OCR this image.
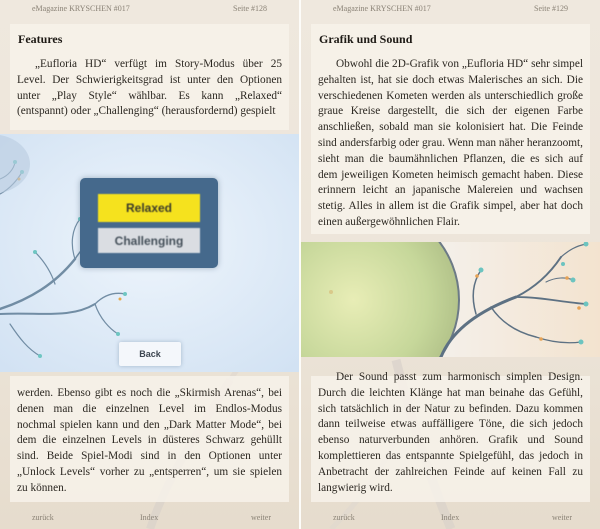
eMagazine KRYSCHEN #017	Seite #128
Features
„Eufloria HD“ verfügt im Story-Modus über 25 Level. Der Schwierigkeitsgrad ist unter den Optionen unter „Play Style“ wählbar. Es kann „Relaxed“ (entspannt) oder „Challenging“ (herausfordernd) gespielt
Relaxed
Challenging
Back
werden. Ebenso gibt es noch die „Skirmish Arenas“, bei denen man die einzelnen Level im Endlos-Modus nochmal spielen kann und den „Dark Matter Mode“, bei dem die einzelnen Levels in düsteres Schwarz gehüllt sind. Beide Spiel-Modi sind in den Optionen unter „Unlock Levels“ vorher zu „entsperren“, um sie spielen zu können.
zurück	Index	weiter
eMagazine KRYSCHEN #017	Seite #129
Grafik und Sound
Obwohl die 2D-Grafik von „Eufloria HD“ sehr simpel gehalten ist, hat sie doch etwas Malerisches an sich. Die verschiedenen Kometen werden als unterschiedlich große graue Kreise dargestellt, die sich der eigenen Farbe anschließen, sobald man sie kolonisiert hat. Die Feinde sind andersfarbig oder grau. Wenn man näher heranzoomt, sieht man die baumähnlichen Pflanzen, die es sich auf dem jeweiligen Kometen heimisch gemacht haben. Diese erinnern leicht an japanische Malereien und wachsen stetig. Alles in allem ist die Grafik simpel, aber hat doch einen außergewöhnlichen Flair.
Der Sound passt zum harmonisch simplen Design. Durch die leichten Klänge hat man beinahe das Gefühl, sich tatsächlich in der Natur zu befinden. Dazu kommen dann teilweise etwas auffälligere Töne, die sich jedoch ebenso naturverbunden anhören. Grafik und Sound komplettieren das entspannte Spielgefühl, das jedoch in Anbetracht der zahlreichen Feinde auf keinen Fall zu langwierig wird.
zurück	Index	weiter
